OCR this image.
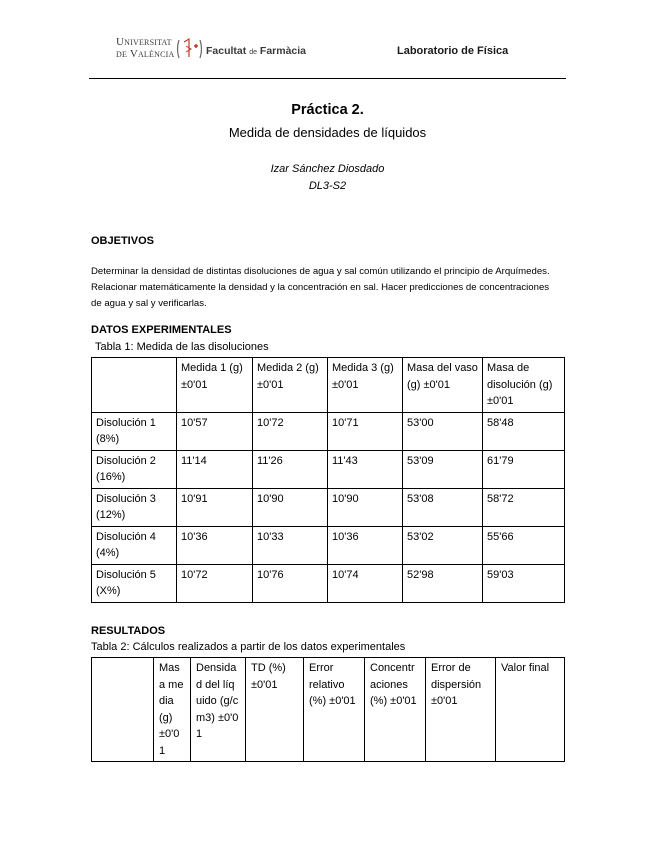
Universitat
de València	Facultat de Farmàcia	Laboratorio de Física
Práctica 2.
Medida de densidades de líquidos
Izar Sánchez Diosdado
DL3-S2
OBJETIVOS
Determinar la densidad de distintas disoluciones de agua y sal común utilizando el principio de Arquímedes. Relacionar matemáticamente la densidad y la concentración en sal. Hacer predicciones de concentraciones de agua y sal y verificarlas.
DATOS EXPERIMENTALES
Tabla 1: Medida de las disoluciones
	Medida 1 (g) ±0'01	Medida 2 (g) ±0'01	Medida 3 (g) ±0'01	Masa del vaso (g) ±0'01	Masa de disolución (g) ±0'01
Disolución 1 (8%)	10'57	10'72	10'71	53'00	58'48
Disolución 2 (16%)	11'14	11'26	11'43	53'09	61'79
Disolución 3 (12%)	10'91	10'90	10'90	53'08	58'72
Disolución 4 (4%)	10'36	10'33	10'36	53'02	55'66
Disolución 5 (X%)	10'72	10'76	10'74	52'98	59'03
RESULTADOS
Tabla 2: Cálculos realizados a partir de los datos experimentales
	Masa media (g) ±0'01	Densidad del líquido (g/cm3) ±0'01	TD (%) ±0'01	Error relativo (%) ±0'01	Concentraciones (%) ±0'01	Error de dispersión ±0'01	Valor final
